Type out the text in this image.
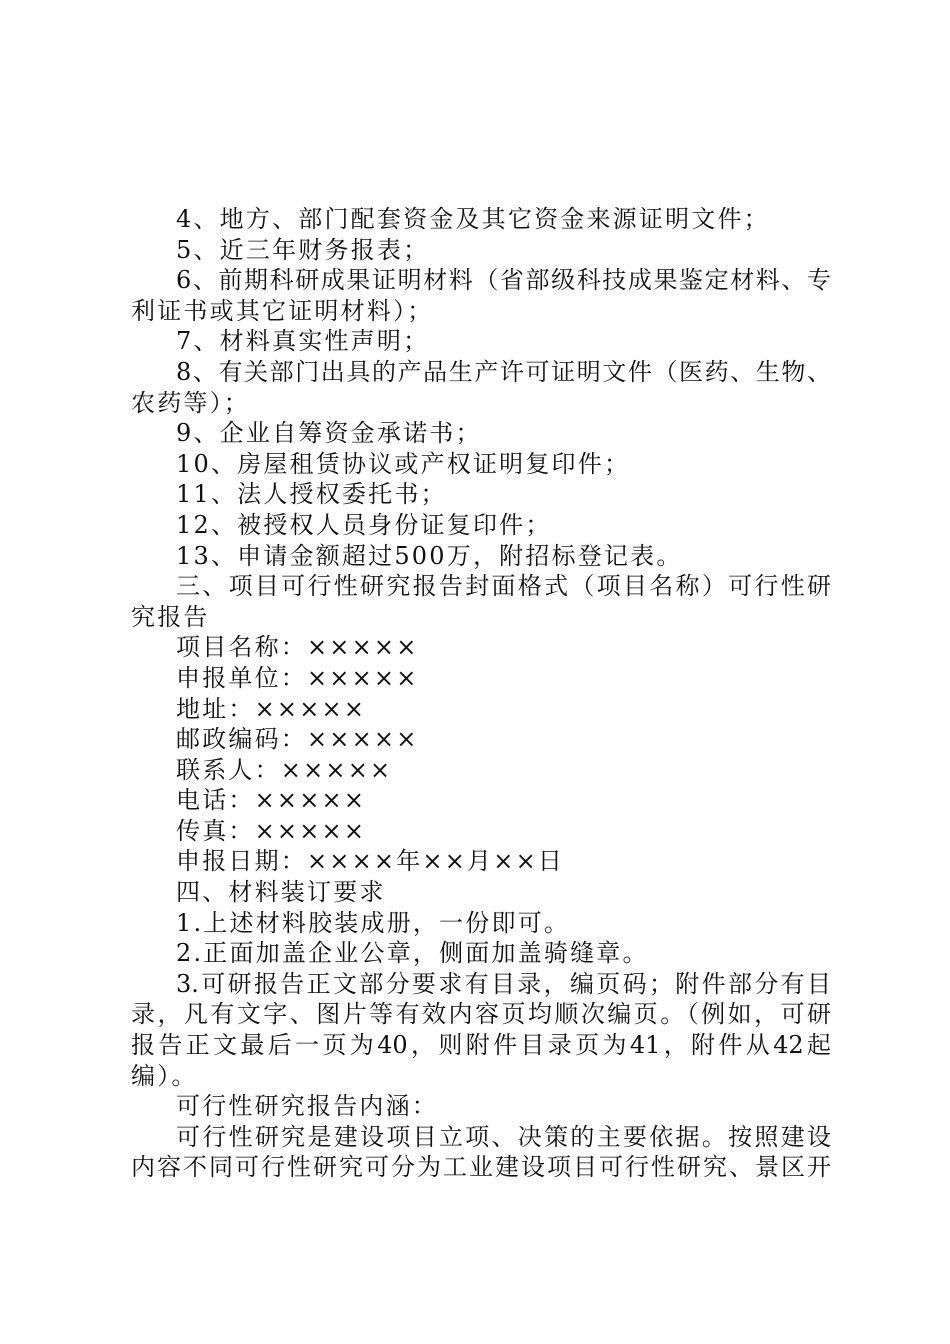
4、地方、部门配套资金及其它资金来源证明文件；
5、近三年财务报表；
6、前期科研成果证明材料（省部级科技成果鉴定材料、专
利证书或其它证明材料）；
7、材料真实性声明；
8、有关部门出具的产品生产许可证明文件（医药、生物、
农药等）；
9、企业自筹资金承诺书；
10、房屋租赁协议或产权证明复印件；
11、法人授权委托书；
12、被授权人员身份证复印件；
13、申请金额超过500万，附招标登记表。
三、项目可行性研究报告封面格式（项目名称）可行性研
究报告
项目名称：×××××
申报单位：×××××
地址：×××××
邮政编码：×××××
联系人：×××××
电话：×××××
传真：×××××
申报日期：××××年××月××日
四、材料装订要求
1.上述材料胶装成册，一份即可。
2.正面加盖企业公章，侧面加盖骑缝章。
3.可研报告正文部分要求有目录，编页码；附件部分有目
录，凡有文字、图片等有效内容页均顺次编页。（例如，可研
报告正文最后一页为40，则附件目录页为41，附件从42起
编）。
可行性研究报告内涵：
可行性研究是建设项目立项、决策的主要依据。按照建设
内容不同可行性研究可分为工业建设项目可行性研究、景区开
